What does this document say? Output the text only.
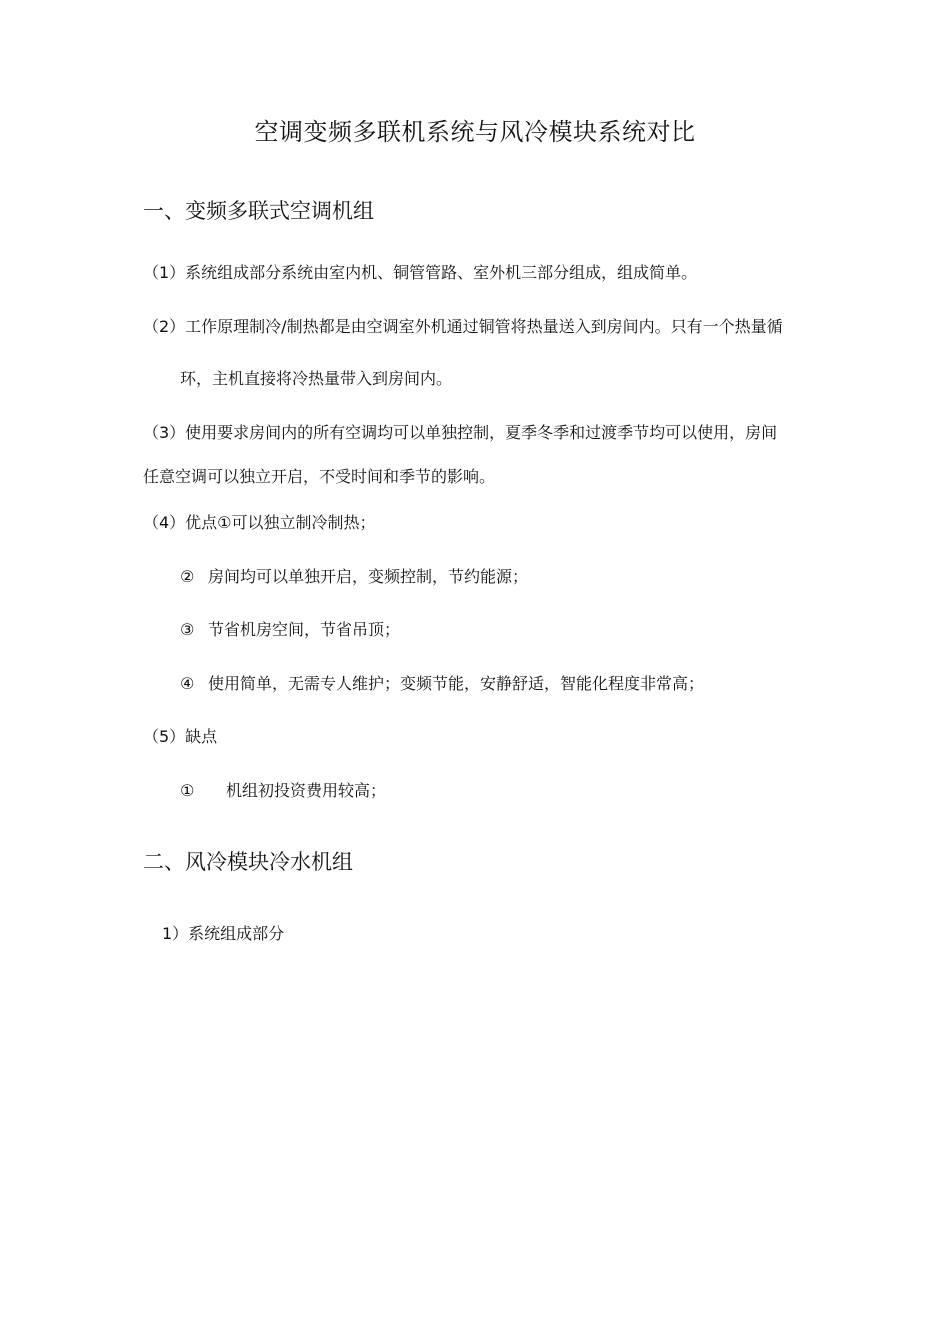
空调变频多联机系统与风冷模块系统对比
一、变频多联式空调机组
（1）系统组成部分系统由室内机、铜管管路、室外机三部分组成，组成简单。
（2）工作原理制冷/制热都是由空调室外机通过铜管将热量送入到房间内。只有一个热量循
环，主机直接将冷热量带入到房间内。
（3）使用要求房间内的所有空调均可以单独控制，夏季冬季和过渡季节均可以使用，房间
任意空调可以独立开启，不受时间和季节的影响。
（4）优点①可以独立制冷制热；
② 房间均可以单独开启，变频控制，节约能源；
③ 节省机房空间，节省吊顶；
④ 使用简单，无需专人维护；变频节能，安静舒适，智能化程度非常高；
（5）缺点
① 机组初投资费用较高；
二、风冷模块冷水机组
1）系统组成部分
